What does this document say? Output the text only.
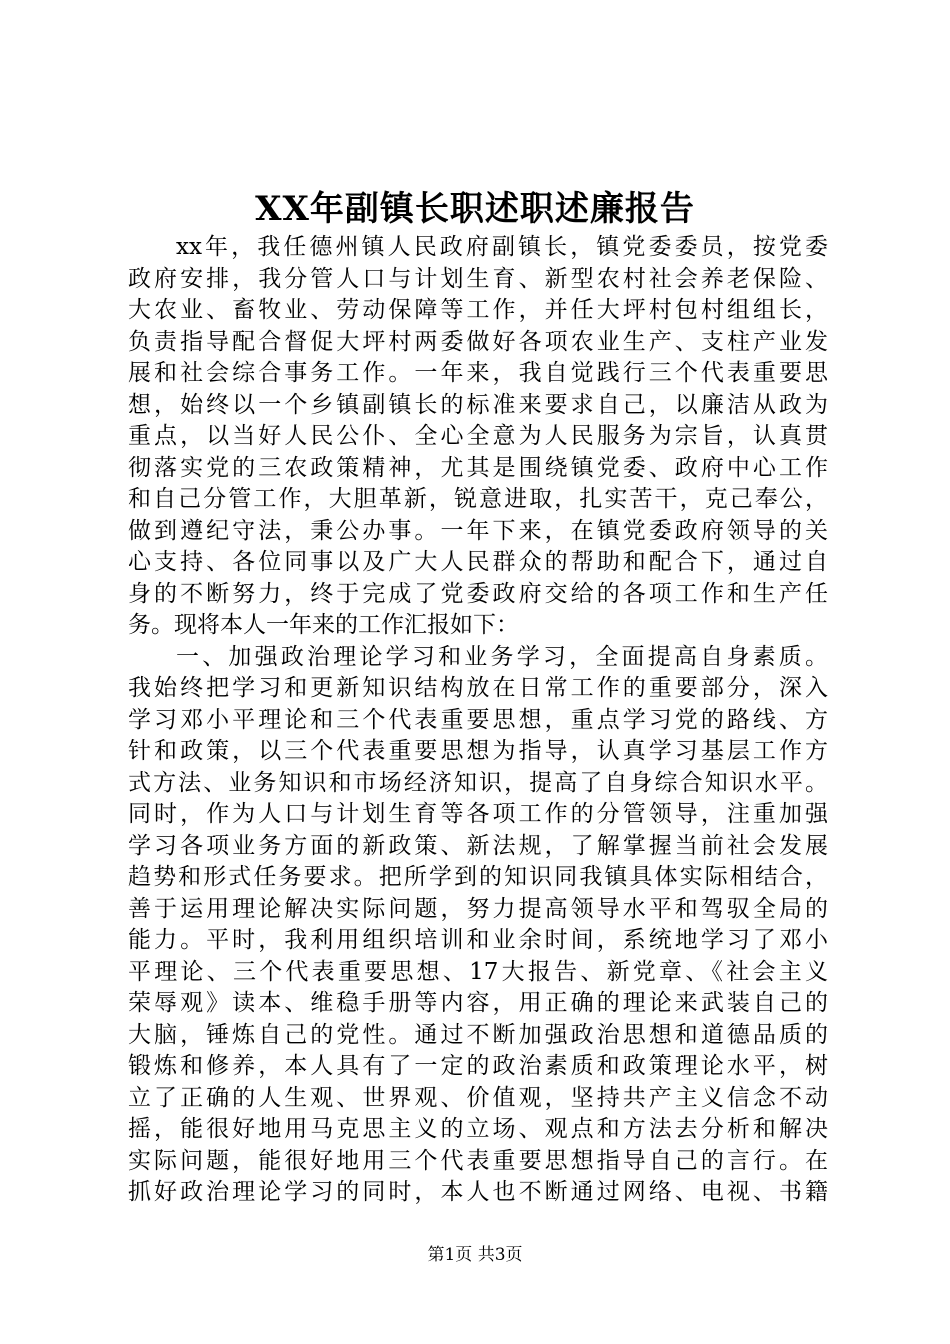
XX年副镇长职述职述廉报告
xx年，我任德州镇人民政府副镇长，镇党委委员，按党委
政府安排，我分管人口与计划生育、新型农村社会养老保险、
大农业、畜牧业、劳动保障等工作，并任大坪村包村组组长，
负责指导配合督促大坪村两委做好各项农业生产、支柱产业发
展和社会综合事务工作。一年来，我自觉践行三个代表重要思
想，始终以一个乡镇副镇长的标准来要求自己，以廉洁从政为
重点，以当好人民公仆、全心全意为人民服务为宗旨，认真贯
彻落实党的三农政策精神，尤其是围绕镇党委、政府中心工作
和自己分管工作，大胆革新，锐意进取，扎实苦干，克己奉公，
做到遵纪守法，秉公办事。一年下来，在镇党委政府领导的关
心支持、各位同事以及广大人民群众的帮助和配合下，通过自
身的不断努力，终于完成了党委政府交给的各项工作和生产任
务。现将本人一年来的工作汇报如下：
一、加强政治理论学习和业务学习，全面提高自身素质。
我始终把学习和更新知识结构放在日常工作的重要部分，深入
学习邓小平理论和三个代表重要思想，重点学习党的路线、方
针和政策，以三个代表重要思想为指导，认真学习基层工作方
式方法、业务知识和市场经济知识，提高了自身综合知识水平。
同时，作为人口与计划生育等各项工作的分管领导，注重加强
学习各项业务方面的新政策、新法规，了解掌握当前社会发展
趋势和形式任务要求。把所学到的知识同我镇具体实际相结合，
善于运用理论解决实际问题，努力提高领导水平和驾驭全局的
能力。平时，我利用组织培训和业余时间，系统地学习了邓小
平理论、三个代表重要思想、17大报告、新党章、《社会主义
荣辱观》读本、维稳手册等内容，用正确的理论来武装自己的
大脑，锤炼自己的党性。通过不断加强政治思想和道德品质的
锻炼和修养，本人具有了一定的政治素质和政策理论水平，树
立了正确的人生观、世界观、价值观，坚持共产主义信念不动
摇，能很好地用马克思主义的立场、观点和方法去分析和解决
实际问题，能很好地用三个代表重要思想指导自己的言行。在
抓好政治理论学习的同时，本人也不断通过网络、电视、书籍
第1页 共3页
